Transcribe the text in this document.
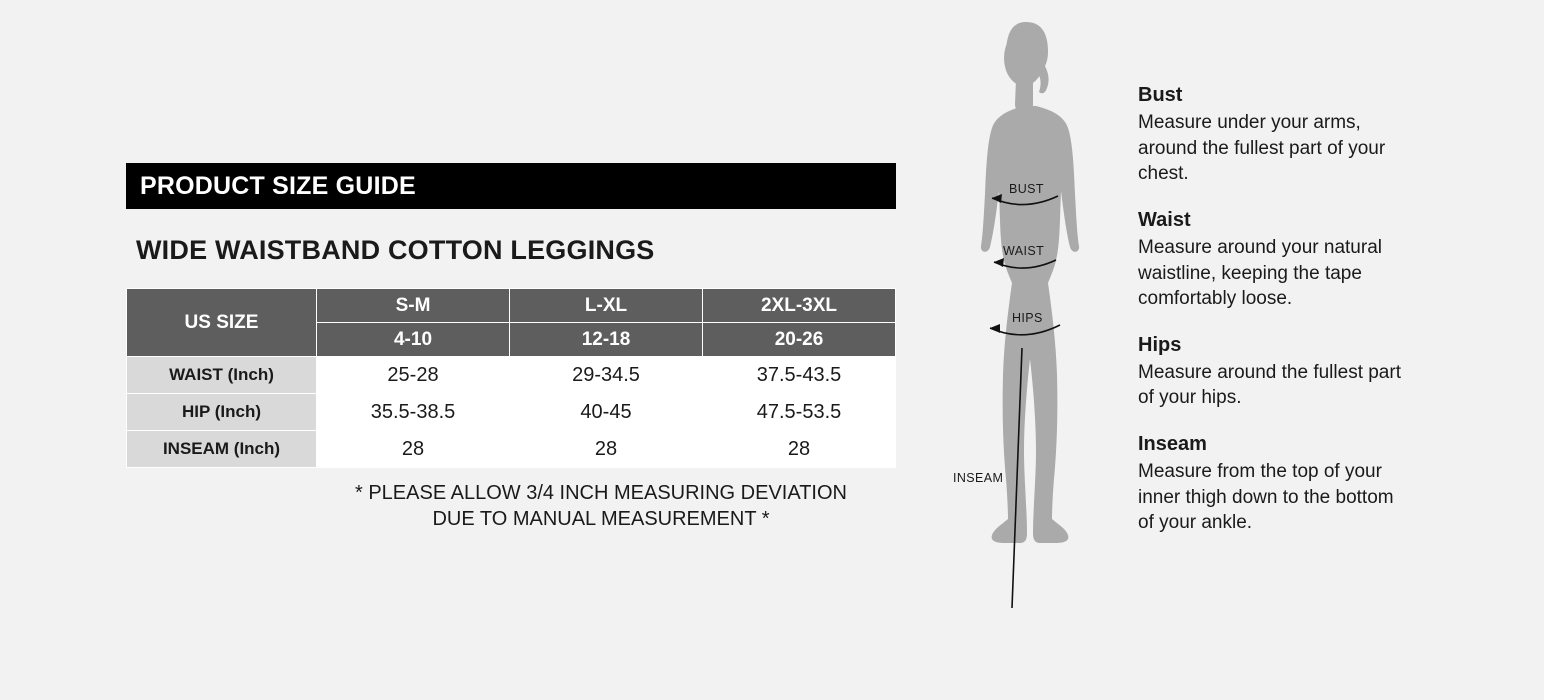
PRODUCT SIZE GUIDE
WIDE WAISTBAND COTTON LEGGINGS
US SIZE	S-M	L-XL	2XL-3XL
	4-10	12-18	20-26
WAIST (Inch)	25-28	29-34.5	37.5-43.5
HIP (Inch)	35.5-38.5	40-45	47.5-53.5
INSEAM (Inch)	28	28	28
* PLEASE ALLOW 3/4 INCH MEASURING DEVIATION
DUE TO MANUAL MEASUREMENT *
BUST
WAIST
HIPS
INSEAM
Bust
Measure under your arms, around the fullest part of your chest.
Waist
Measure around your natural waistline, keeping the tape comfortably loose.
Hips
Measure around the fullest part of your hips.
Inseam
Measure from the top of your inner thigh down to the bottom of your ankle.
